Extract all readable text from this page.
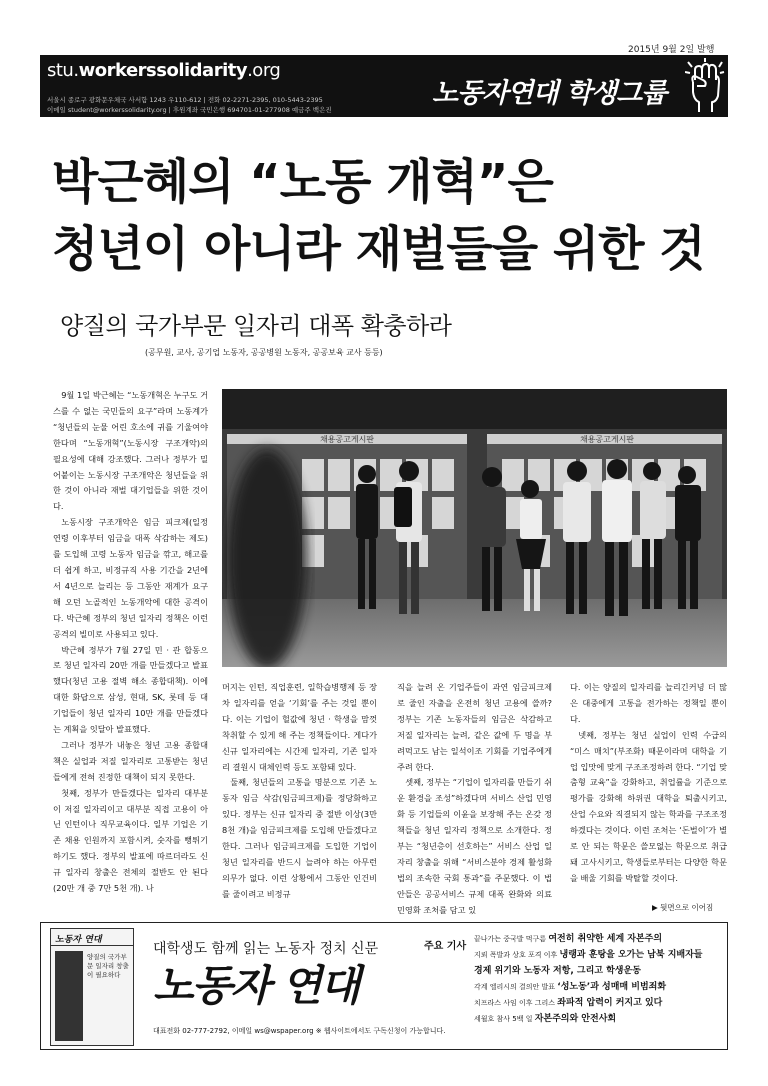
2015년 9월 2일 발행
stu.workerssolidarity.org
서울시 종로구 광화문우체국 사서함 1243 우110-612 | 전화 02-2271-2395, 010-5443-2395
이메일 student@workerssolidarity.org | 후원계좌 국민은행 694701-01-277908 예금주 백은진
노동자연대 학생그룹
박근혜의 “노동 개혁”은
청년이 아니라 재벌들을 위한 것
양질의 국가부문 일자리 대폭 확충하라
(공무원, 교사, 공기업 노동자, 공공병원 노동자, 공공보육 교사 등등)
채용공고게시판	채용공고게시판

9월 1일 박근혜는 “노동개혁은 누구도 거스를 수 없는 국민들의 요구”라며 노동계가 “청년들의 눈물 어린 호소에 귀를 기울여야 한다며 “노동개혁”(노동시장 구조개악)의 필요성에 대해 강조했다. 그러나 정부가 밀어붙이는 노동시장 구조개악은 청년들을 위한 것이 아니라 재벌 대기업들을 위한 것이다.

노동시장 구조개악은 임금 피크제(일정 연령 이후부터 임금을 대폭 삭감하는 제도)를 도입해 고령 노동자 임금을 깎고, 해고를 더 쉽게 하고, 비정규직 사용 기간을 2년에서 4년으로 늘리는 등 그동안 재계가 요구해 오던 노골적인 노동개악에 대한 공격이다. 박근혜 정부의 청년 일자리 정책은 이런 공격의 빌미로 사용되고 있다.

박근혜 정부가 7월 27일 민 · 관 합동으로 청년 일자리 20만 개를 만들겠다고 발표했다(청년 고용 절벽 해소 종합대책). 이에 대한 화답으로 삼성, 현대, SK, 롯데 등 대기업들이 청년 일자리 10만 개를 만들겠다는 계획을 잇달아 발표했다.

그러나 정부가 내놓은 청년 고용 종합대책은 실업과 저질 일자리로 고통받는 청년들에게 전혀 진정한 대책이 되지 못한다.

첫째, 정부가 만들겠다는 일자리 대부분이 저질 일자리이고 대부분 직접 고용이 아닌 인턴이나 직무교육이다. 일부 기업은 기존 채용 인원까지 포함시켜, 숫자를 뻥튀기하기도 했다. 정부의 발표에 따르더라도 신규 일자리 창출은 전체의 절반도 안 된다(20만 개 중 7만 5천 개). 나

머지는 인턴, 직업훈련, 일학습병행제 등 장차 일자리를 얻을 ‘기회’를 주는 것일 뿐이다. 이는 기업이 헐값에 청년 · 학생을 맘껏 착취할 수 있게 해 주는 정책들이다. 게다가 신규 일자리에는 시간제 일자리, 기존 일자리 결원시 대체인력 등도 포함돼 있다.

둘째, 청년들의 고통을 명분으로 기존 노동자 임금 삭감(임금피크제)를 정당화하고 있다. 정부는 신규 일자리 중 절반 이상(3만 8천 개)을 임금피크제를 도입해 만들겠다고 한다. 그러나 임금피크제를 도입한 기업이 청년 일자리를 반드시 늘려야 하는 아무런 의무가 없다. 이런 상황에서 그동안 인건비를 줄이려고 비정규

직을 늘려 온 기업주들이 과연 임금피크제로 줄인 자출을 온전히 청년 고용에 쓸까? 정부는 기존 노동자들의 임금은 삭감하고 저질 일자리는 늘려, 같은 값에 두 명을 부려먹고도 남는 일석이조 기회를 기업주에게 주려 한다.

셋째, 정부는 “기업이 일자리를 만들기 쉬운 환경을 조성”하겠다며 서비스 산업 민영화 등 기업들의 이윤을 보장해 주는 온갖 정책들을 청년 일자리 정책으로 소개한다. 정부는 “청년층이 선호하는” 서비스 산업 일자리 창출을 위해 “서비스분야 경제 활성화 법의 조속한 국회 통과”를 주문했다. 이 법안들은 공공서비스 규제 대폭 완화와 의료 민영화 조처를 담고 있

다. 이는 양질의 일자리를 늘리긴커녕 더 많은 대중에게 고통을 전가하는 정책일 뿐이다.

넷째, 정부는 청년 실업이 인력 수급의 “미스 매치”(부조화) 때문이라며 대학을 기업 입맛에 맞게 구조조정하려 한다. “기업 맞춤형 교육”을 강화하고, 취업률을 기준으로 평가를 강화해 하위권 대학을 퇴출시키고, 산업 수요와 직결되지 않는 학과를 구조조정 하겠다는 것이다. 이런 조처는 ‘돈벌이’가 별로 안 되는 학문은 쓸모없는 학문으로 취급돼 고사시키고, 학생들로부터는 다양한 학문을 배울 기회를 박탈할 것이다.

▶ 뒷면으로 이어짐
노동자 연대
양질의 국가부문 일자리 창출이 필요하다
대학생도 함께 읽는 노동자 정치 신문
노동자 연대
대표전화 02-777-2792, 이메일 ws@wspaper.org ※ 웹사이트에서도 구독신청이 가능합니다.
주요 기사
끝나가는 중국발 먹구름 여전히 취약한 세계 자본주의
지뢰 폭발과 상호 포격 이후 냉랭과 훈탕을 오가는 남북 지배자들
경제 위기와 노동자 저항, 그리고 학생운동
각계 엘리시의 결의안 발표 ‘성노동’과 성매매 비범죄화
치프라스 사임 이후 그리스 좌파적 압력이 커지고 있다
세월호 참사 5백 일 자본주의와 안전사회
